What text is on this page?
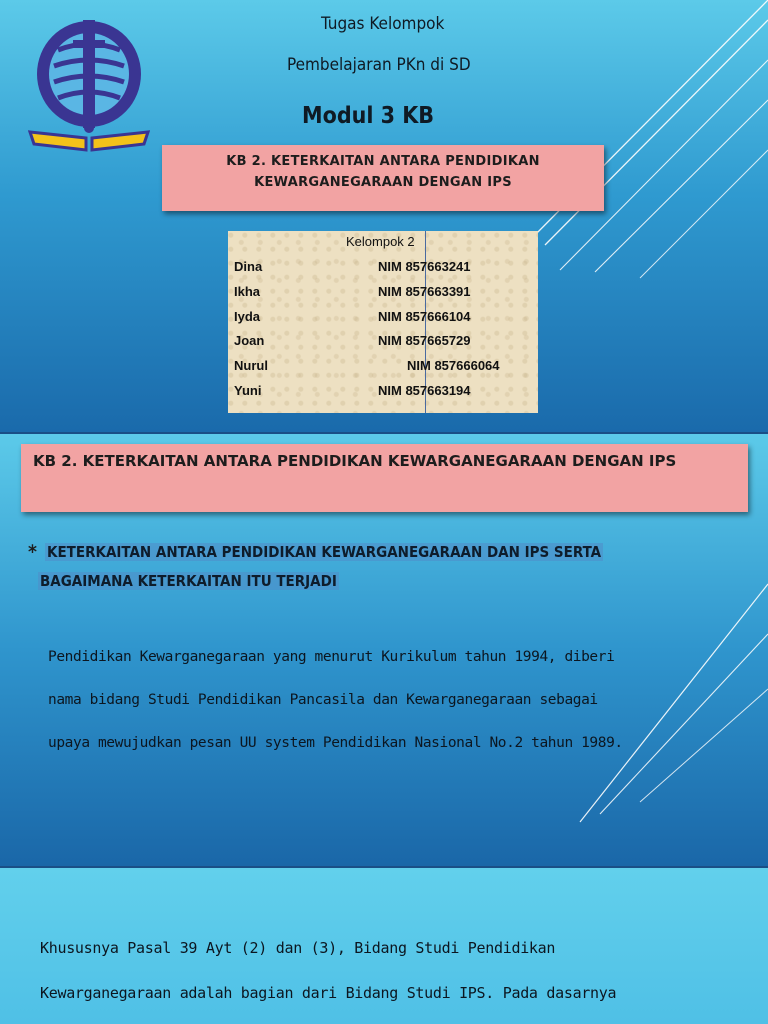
Tugas Kelompok
Pembelajaran PKn di SD
Modul 3 KB
KB 2. KETERKAITAN ANTARA PENDIDIKAN
KEWARGANEGARAAN DENGAN IPS
Kelompok 2
Dina	NIM 857663241
Ikha	NIM 857663391
Iyda	NIM 857666104
Joan	NIM 857665729
Nurul	NIM 857666064
Yuni	NIM 857663194
KB 2. KETERKAITAN ANTARA PENDIDIKAN KEWARGANEGARAAN DENGAN IPS
* KETERKAITAN ANTARA PENDIDIKAN KEWARGANEGARAAN DAN IPS SERTA
BAGAIMANA KETERKAITAN ITU TERJADI
Pendidikan Kewarganegaraan yang menurut Kurikulum tahun 1994, diberi
nama bidang Studi Pendidikan Pancasila dan Kewarganegaraan sebagai
upaya mewujudkan pesan UU system Pendidikan Nasional No.2 tahun 1989.
Khususnya Pasal 39 Ayt (2) dan (3), Bidang Studi Pendidikan
Kewarganegaraan adalah bagian dari Bidang Studi IPS. Pada dasarnya
